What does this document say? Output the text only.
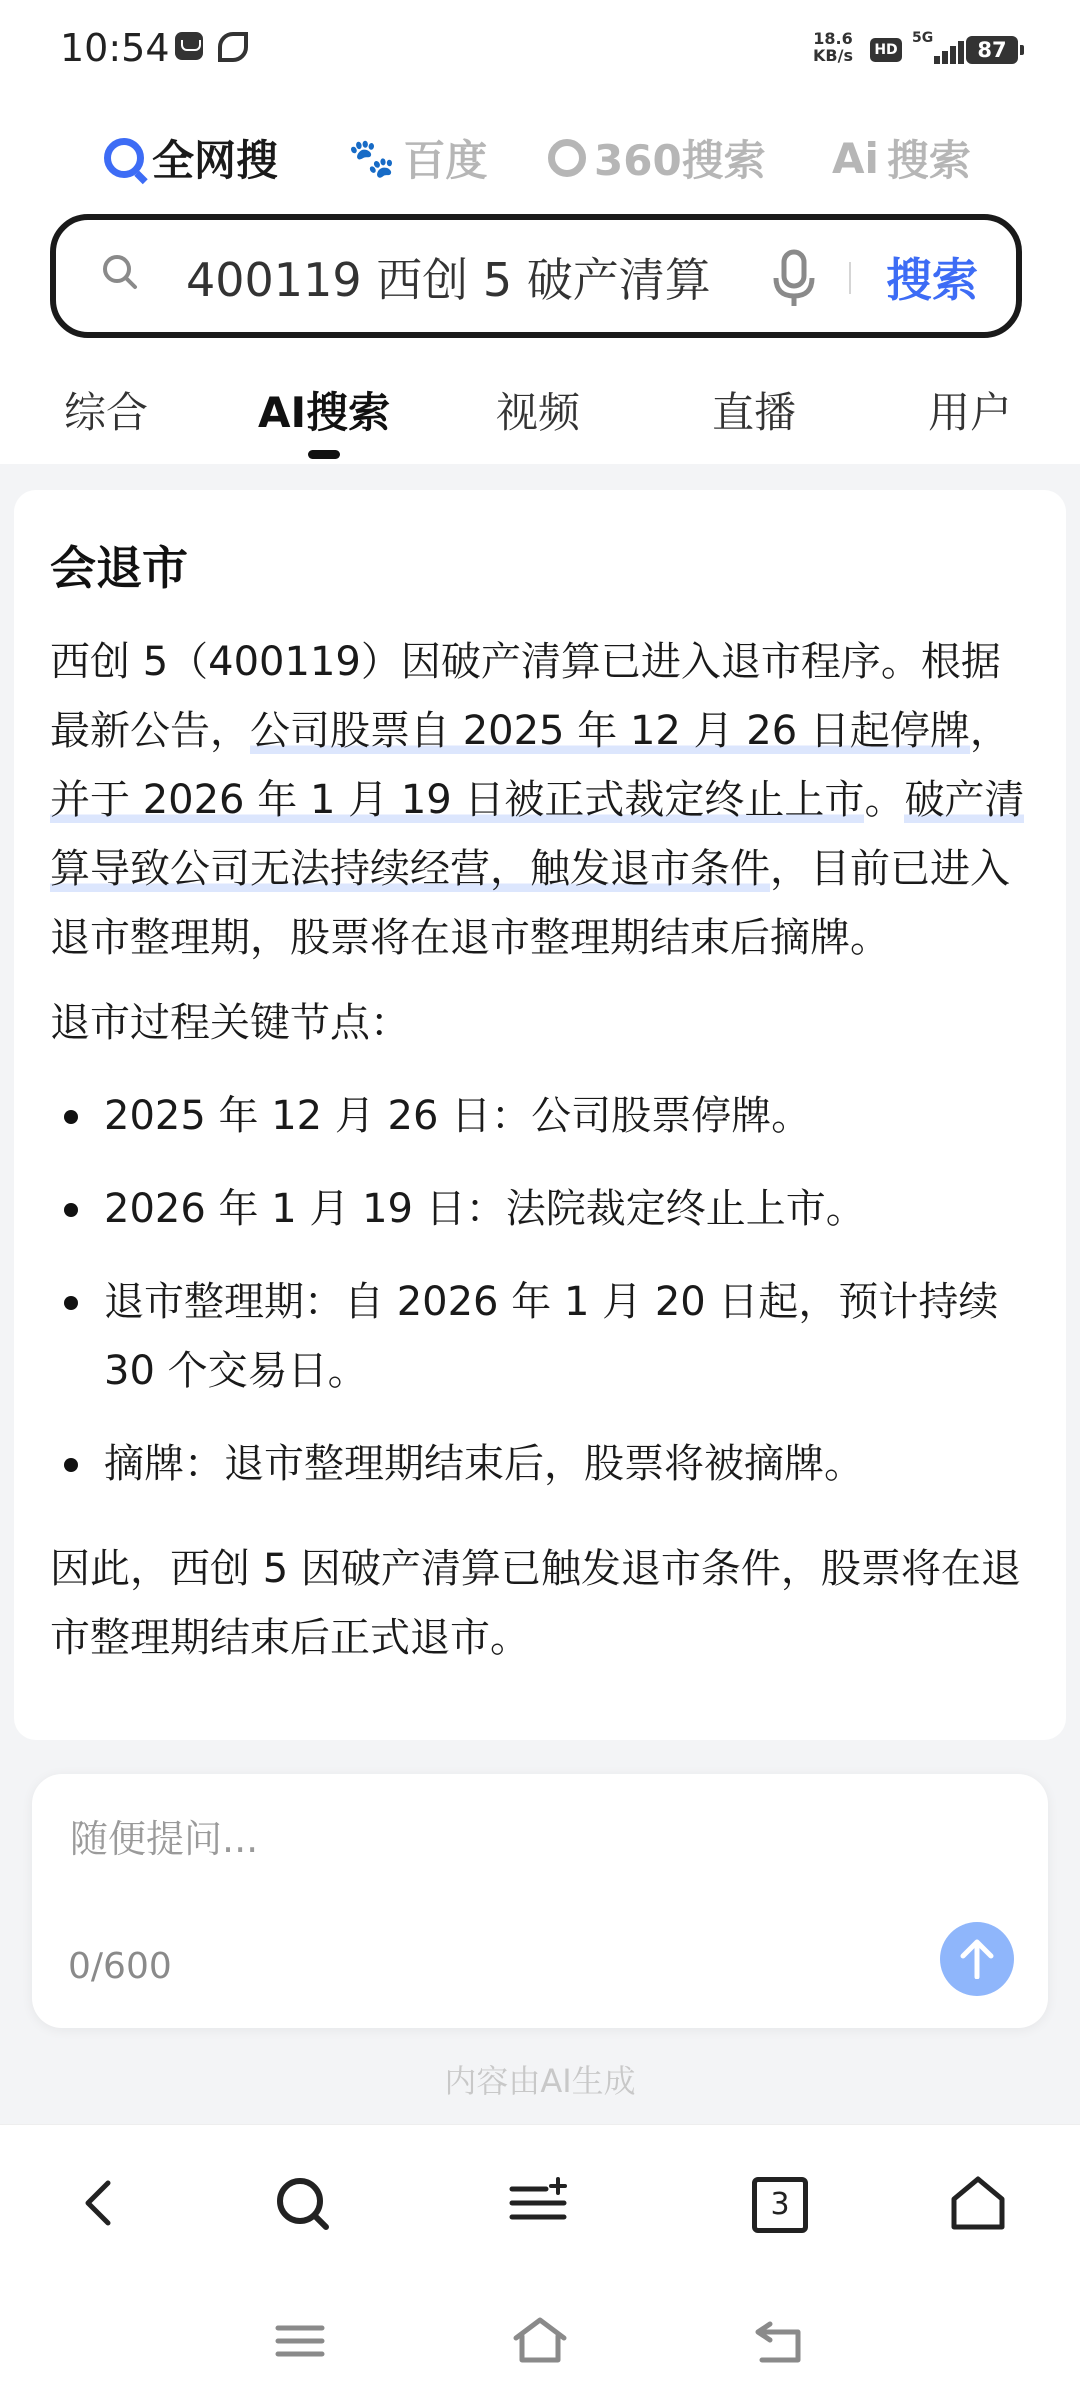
10:54	18.6
KB/s	HD
5G	87
全网搜 🐾 百度	360搜索 Ai 搜索
400119 西创 5 破产清算
搜索
综合	AI搜索	视频	直播	用户
会退市

西创 5（400119）因破产清算已进入退市程序。根据最新公告，公司股票自 2025 年 12 月 26 日起停牌，并于 2026 年 1 月 19 日被正式裁定终止上市。破产清算导致公司无法持续经营，触发退市条件，目前已进入退市整理期，股票将在退市整理期结束后摘牌。

退市过程关键节点：

2025 年 12 月 26 日：公司股票停牌。
2026 年 1 月 19 日：法院裁定终止上市。
退市整理期：自 2026 年 1 月 20 日起，预计持续 30 个交易日。
摘牌：退市整理期结束后，股票将被摘牌。

因此，西创 5 因破产清算已触发退市条件，股票将在退市整理期结束后正式退市。

随便提问...
0/600
内容由AI生成
3
